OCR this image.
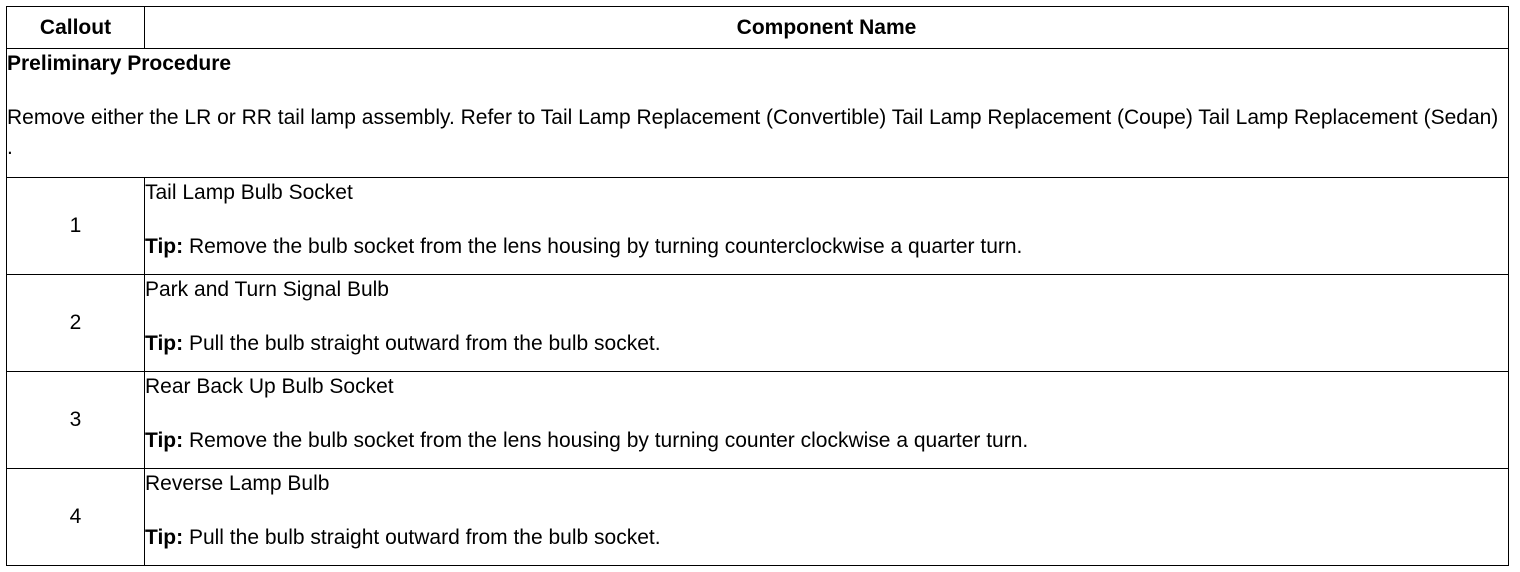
Callout	Component Name

Preliminary Procedure
Remove either the LR or RR tail lamp assembly. Refer to Tail Lamp Replacement (Convertible) Tail Lamp Replacement (Coupe) Tail Lamp Replacement (Sedan) .	

1	Tail Lamp Bulb Socket
Tip: Remove the bulb socket from the lens housing by turning counterclockwise a quarter turn.

2	Park and Turn Signal Bulb
Tip: Pull the bulb straight outward from the bulb socket.

3	Rear Back Up Bulb Socket
Tip: Remove the bulb socket from the lens housing by turning counter clockwise a quarter turn.

4	Reverse Lamp Bulb
Tip: Pull the bulb straight outward from the bulb socket.
